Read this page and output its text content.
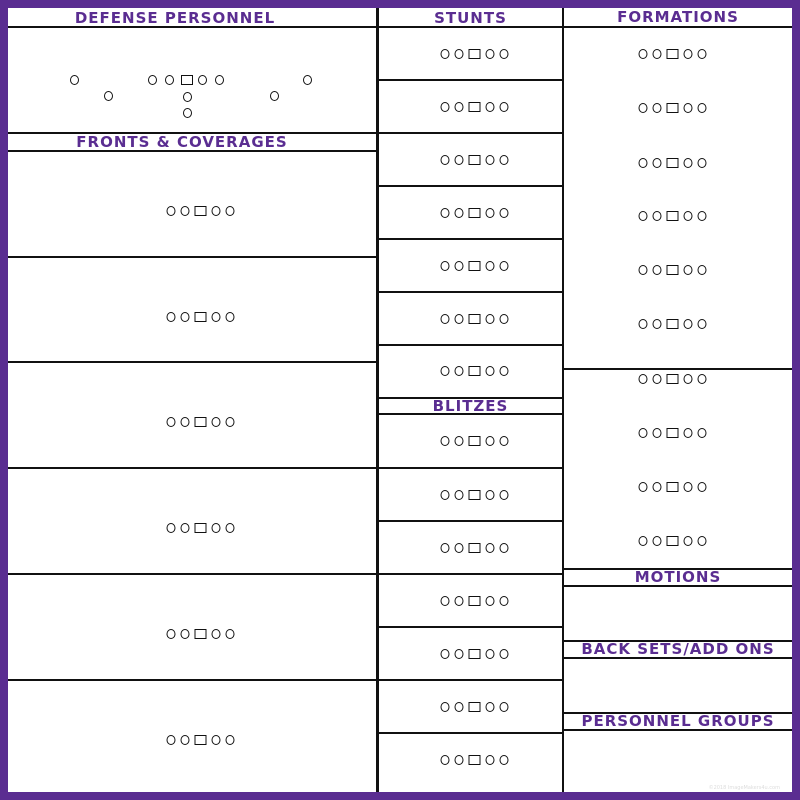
DEFENSE PERSONNEL
FRONTS & COVERAGES
STUNTS
BLITZES
FORMATIONS
MOTIONS
BACK SETS/ADD ONS
PERSONNEL GROUPS
©2018 ImageMakers4u.com
